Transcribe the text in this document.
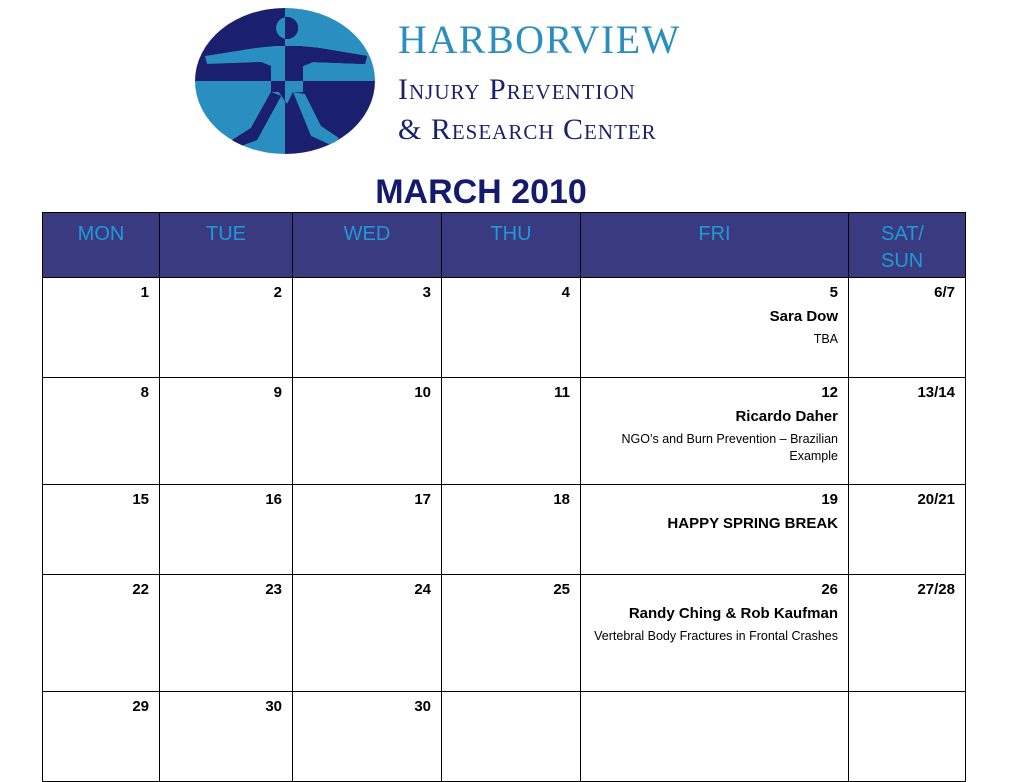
HARBORVIEW
Injury Prevention
& Research Center
MARCH 2010
MON	TUE	WED	THU	FRI	SAT/
SUN

1	2	3	4	5
Sara Dow
TBA	6/7

8	9	10	11	12
Ricardo Daher
NGO’s and Burn Prevention – Brazilian Example	13/14

15	16	17	18	19
HAPPY SPRING BREAK	20/21

22	23	24	25	26
Randy Ching & Rob Kaufman
Vertebral Body Fractures in Frontal Crashes	27/28

29	30	30			
